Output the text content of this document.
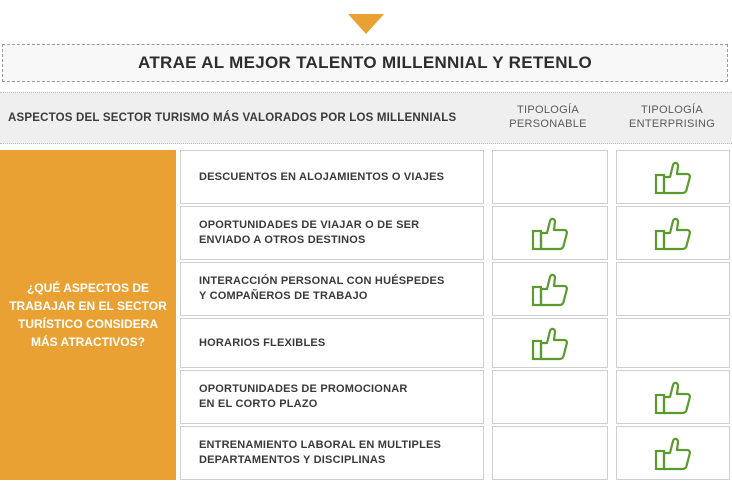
ATRAE AL MEJOR TALENTO MILLENNIAL Y RETENLO
ASPECTOS DEL SECTOR TURISMO MÁS VALORADOS POR LOS MILLENNIALS
TIPOLOGÍA
PERSONABLE
TIPOLOGÍA
ENTERPRISING
¿QUÉ ASPECTOS DE
TRABAJAR EN EL SECTOR
TURÍSTICO CONSIDERA
MÁS ATRACTIVOS?
DESCUENTOS EN ALOJAMIENTOS O VIAJES
OPORTUNIDADES DE VIAJAR O DE SER
ENVIADO A OTROS DESTINOS
INTERACCIÓN PERSONAL CON HUÉSPEDES
Y COMPAÑEROS DE TRABAJO
HORARIOS FLEXIBLES
OPORTUNIDADES DE PROMOCIONAR
EN EL CORTO PLAZO
ENTRENAMIENTO LABORAL EN MULTIPLES
DEPARTAMENTOS Y DISCIPLINAS
